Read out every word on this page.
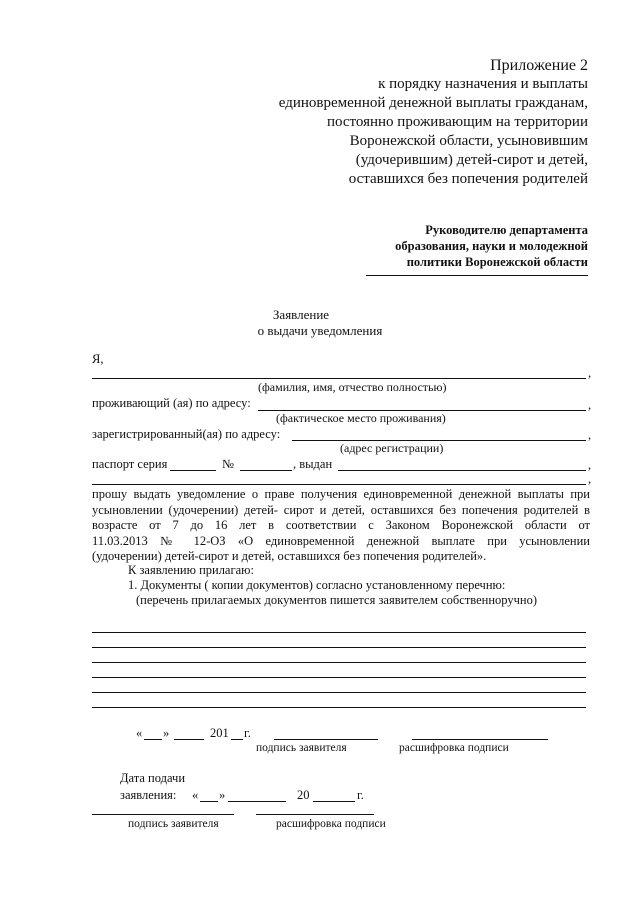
Приложение 2
к порядку назначения и выплаты
единовременной денежной выплаты гражданам,
постоянно проживающим на территории
Воронежской области, усыновившим
(удочерившим) детей-сирот и детей,
оставшихся без попечения родителей
Руководителю департамента
образования, науки и молодежной
политики Воронежской области
Заявление
о выдачи уведомления
Я,
,
(фамилия, имя, отчество полностью)
проживающий (ая) по адресу:	,
(фактическое место проживания)
зарегистрированный(ая) по адресу:	,
(адрес регистрации)
паспорт серия	№	, выдан	,
,
прошу выдать уведомление о праве получения единовременной денежной выплаты при
усыновлении (удочерении) детей- сирот и детей, оставшихся без попечения родителей в
возрасте от 7 до 16 лет в соответствии с Законом Воронежской области от
11.03.2013 № 12-ОЗ «О единовременной денежной выплате при усыновлении
(удочерении) детей-сирот и детей, оставшихся без попечения родителей».
К заявлению прилагаю:
1. Документы ( копии документов) согласно установленному перечню:
(перечень прилагаемых документов пишется заявителем собственноручно)
« »	201 г.
подпись заявителя	расшифровка подписи
Дата подачи
заявления: « »	20	г.
подпись заявителя	расшифровка подписи
